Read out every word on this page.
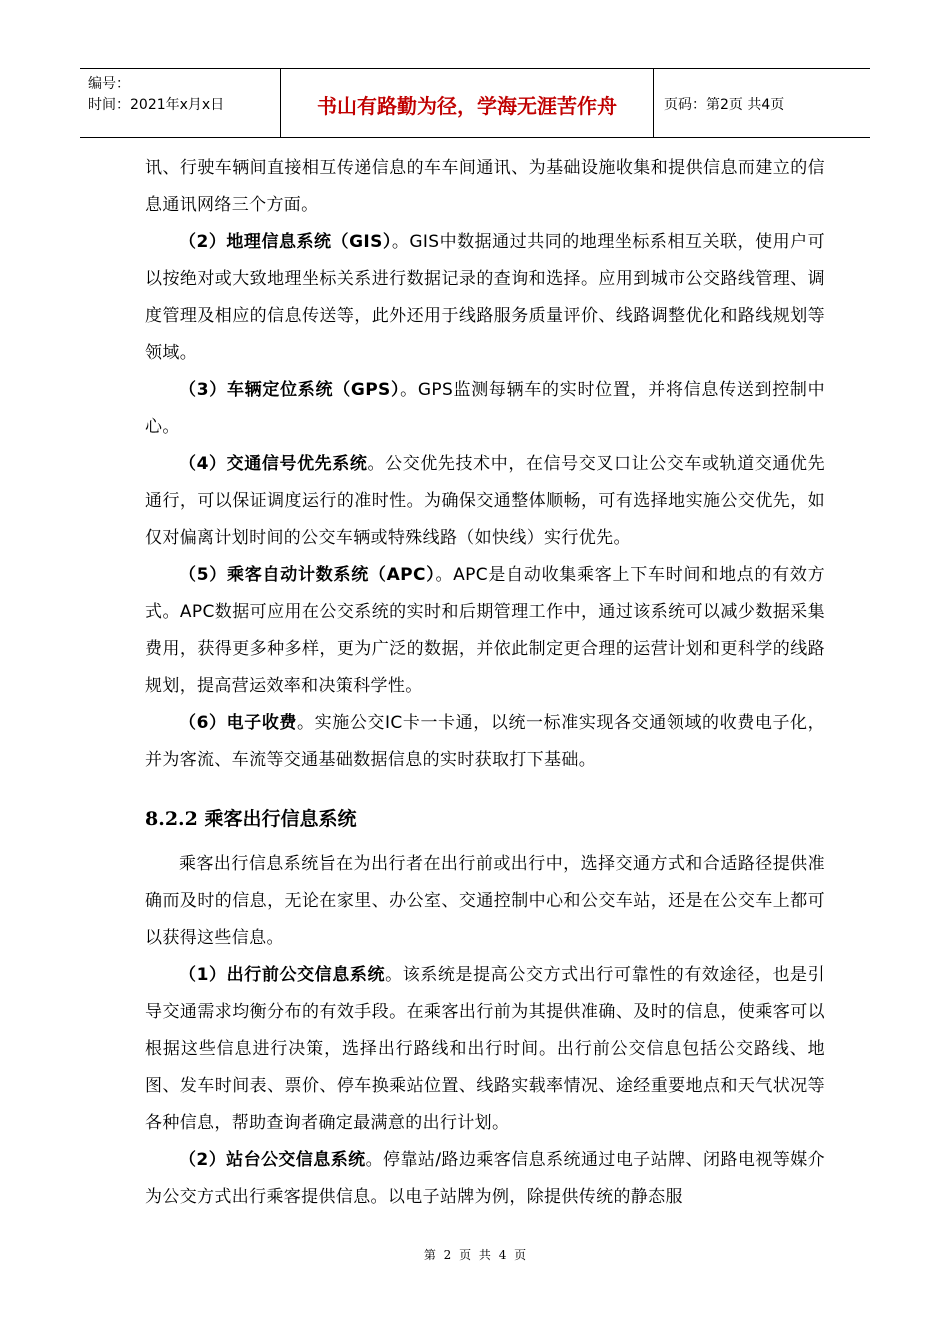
编号：
时间：2021年x月x日	书山有路勤为径，学海无涯苦作舟	页码：第2页 共4页

讯、行驶车辆间直接相互传递信息的车车间通讯、为基础设施收集和提供信息而建立的信息通讯网络三个方面。

（2）地理信息系统（GIS）。GIS中数据通过共同的地理坐标系相互关联，使用户可以按绝对或大致地理坐标关系进行数据记录的查询和选择。应用到城市公交路线管理、调度管理及相应的信息传送等，此外还用于线路服务质量评价、线路调整优化和路线规划等领域。

（3）车辆定位系统（GPS）。GPS监测每辆车的实时位置，并将信息传送到控制中心。

（4）交通信号优先系统。公交优先技术中，在信号交叉口让公交车或轨道交通优先通行，可以保证调度运行的准时性。为确保交通整体顺畅，可有选择地实施公交优先，如仅对偏离计划时间的公交车辆或特殊线路（如快线）实行优先。

（5）乘客自动计数系统（APC）。APC是自动收集乘客上下车时间和地点的有效方式。APC数据可应用在公交系统的实时和后期管理工作中，通过该系统可以减少数据采集费用，获得更多种多样，更为广泛的数据，并依此制定更合理的运营计划和更科学的线路规划，提高营运效率和决策科学性。

（6）电子收费。实施公交IC卡一卡通，以统一标准实现各交通领域的收费电子化，并为客流、车流等交通基础数据信息的实时获取打下基础。

8.2.2 乘客出行信息系统

乘客出行信息系统旨在为出行者在出行前或出行中，选择交通方式和合适路径提供准确而及时的信息，无论在家里、办公室、交通控制中心和公交车站，还是在公交车上都可以获得这些信息。

（1）出行前公交信息系统。该系统是提高公交方式出行可靠性的有效途径，也是引导交通需求均衡分布的有效手段。在乘客出行前为其提供准确、及时的信息，使乘客可以根据这些信息进行决策，选择出行路线和出行时间。出行前公交信息包括公交路线、地图、发车时间表、票价、停车换乘站位置、线路实载率情况、途经重要地点和天气状况等各种信息，帮助查询者确定最满意的出行计划。

（2）站台公交信息系统。停靠站/路边乘客信息系统通过电子站牌、闭路电视等媒介为公交方式出行乘客提供信息。以电子站牌为例，除提供传统的静态服

第 2 页 共 4 页
